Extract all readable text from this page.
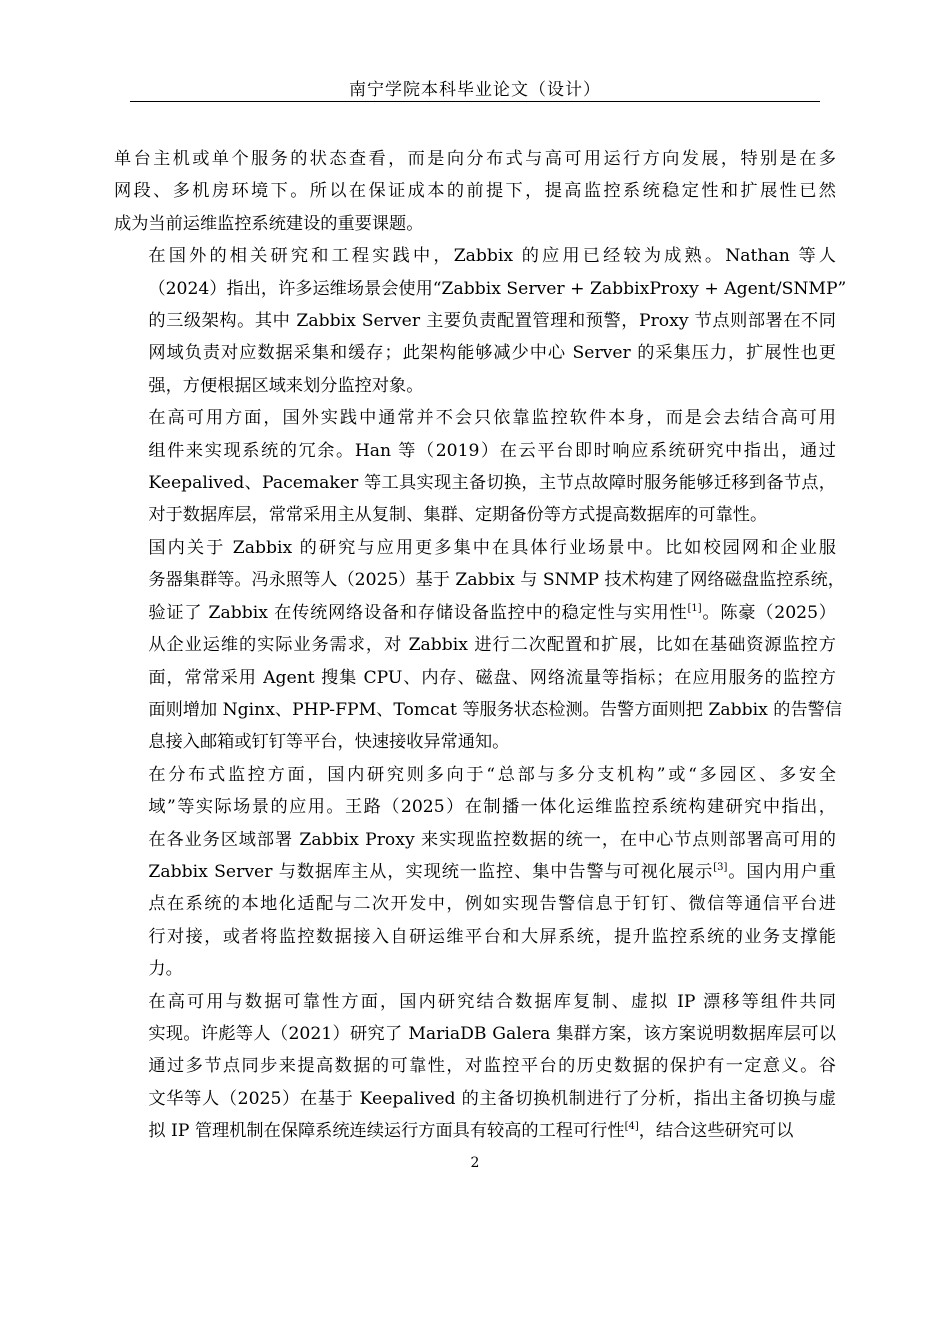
南宁学院本科毕业论文（设计）

单台主机或单个服务的状态查看，而是向分布式与高可用运行方向发展，特别是在多
网段、多机房环境下。所以在保证成本的前提下，提高监控系统稳定性和扩展性已然
成为当前运维监控系统建设的重要课题。

在国外的相关研究和工程实践中，Zabbix 的应用已经较为成熟。Nathan 等人
（2024）指出，许多运维场景会使用“Zabbix Server + ZabbixProxy + Agent/SNMP”
的三级架构。其中 Zabbix Server 主要负责配置管理和预警，Proxy 节点则部署在不同
网域负责对应数据采集和缓存；此架构能够减少中心 Server 的采集压力，扩展性也更
强，方便根据区域来划分监控对象。

在高可用方面，国外实践中通常并不会只依靠监控软件本身，而是会去结合高可用
组件来实现系统的冗余。Han 等（2019）在云平台即时响应系统研究中指出，通过
Keepalived、Pacemaker 等工具实现主备切换，主节点故障时服务能够迁移到备节点，
对于数据库层，常常采用主从复制、集群、定期备份等方式提高数据库的可靠性。

国内关于 Zabbix 的研究与应用更多集中在具体行业场景中。比如校园网和企业服
务器集群等。冯永照等人（2025）基于 Zabbix 与 SNMP 技术构建了网络磁盘监控系统，
验证了 Zabbix 在传统网络设备和存储设备监控中的稳定性与实用性[1]。陈豪（2025）
从企业运维的实际业务需求，对 Zabbix 进行二次配置和扩展，比如在基础资源监控方
面，常常采用 Agent 搜集 CPU、内存、磁盘、网络流量等指标；在应用服务的监控方
面则增加 Nginx、PHP-FPM、Tomcat 等服务状态检测。告警方面则把 Zabbix 的告警信
息接入邮箱或钉钉等平台，快速接收异常通知。

在分布式监控方面，国内研究则多向于“总部与多分支机构”或“多园区、多安全
域”等实际场景的应用。王路（2025）在制播一体化运维监控系统构建研究中指出，
在各业务区域部署 Zabbix Proxy 来实现监控数据的统一，在中心节点则部署高可用的
Zabbix Server 与数据库主从，实现统一监控、集中告警与可视化展示[3]。国内用户重
点在系统的本地化适配与二次开发中，例如实现告警信息于钉钉、微信等通信平台进
行对接，或者将监控数据接入自研运维平台和大屏系统，提升监控系统的业务支撑能
力。

在高可用与数据可靠性方面，国内研究结合数据库复制、虚拟 IP 漂移等组件共同
实现。许彪等人（2021）研究了 MariaDB Galera 集群方案，该方案说明数据库层可以
通过多节点同步来提高数据的可靠性，对监控平台的历史数据的保护有一定意义。谷
文华等人（2025）在基于 Keepalived 的主备切换机制进行了分析，指出主备切换与虚
拟 IP 管理机制在保障系统连续运行方面具有较高的工程可行性[4]，结合这些研究可以

2
